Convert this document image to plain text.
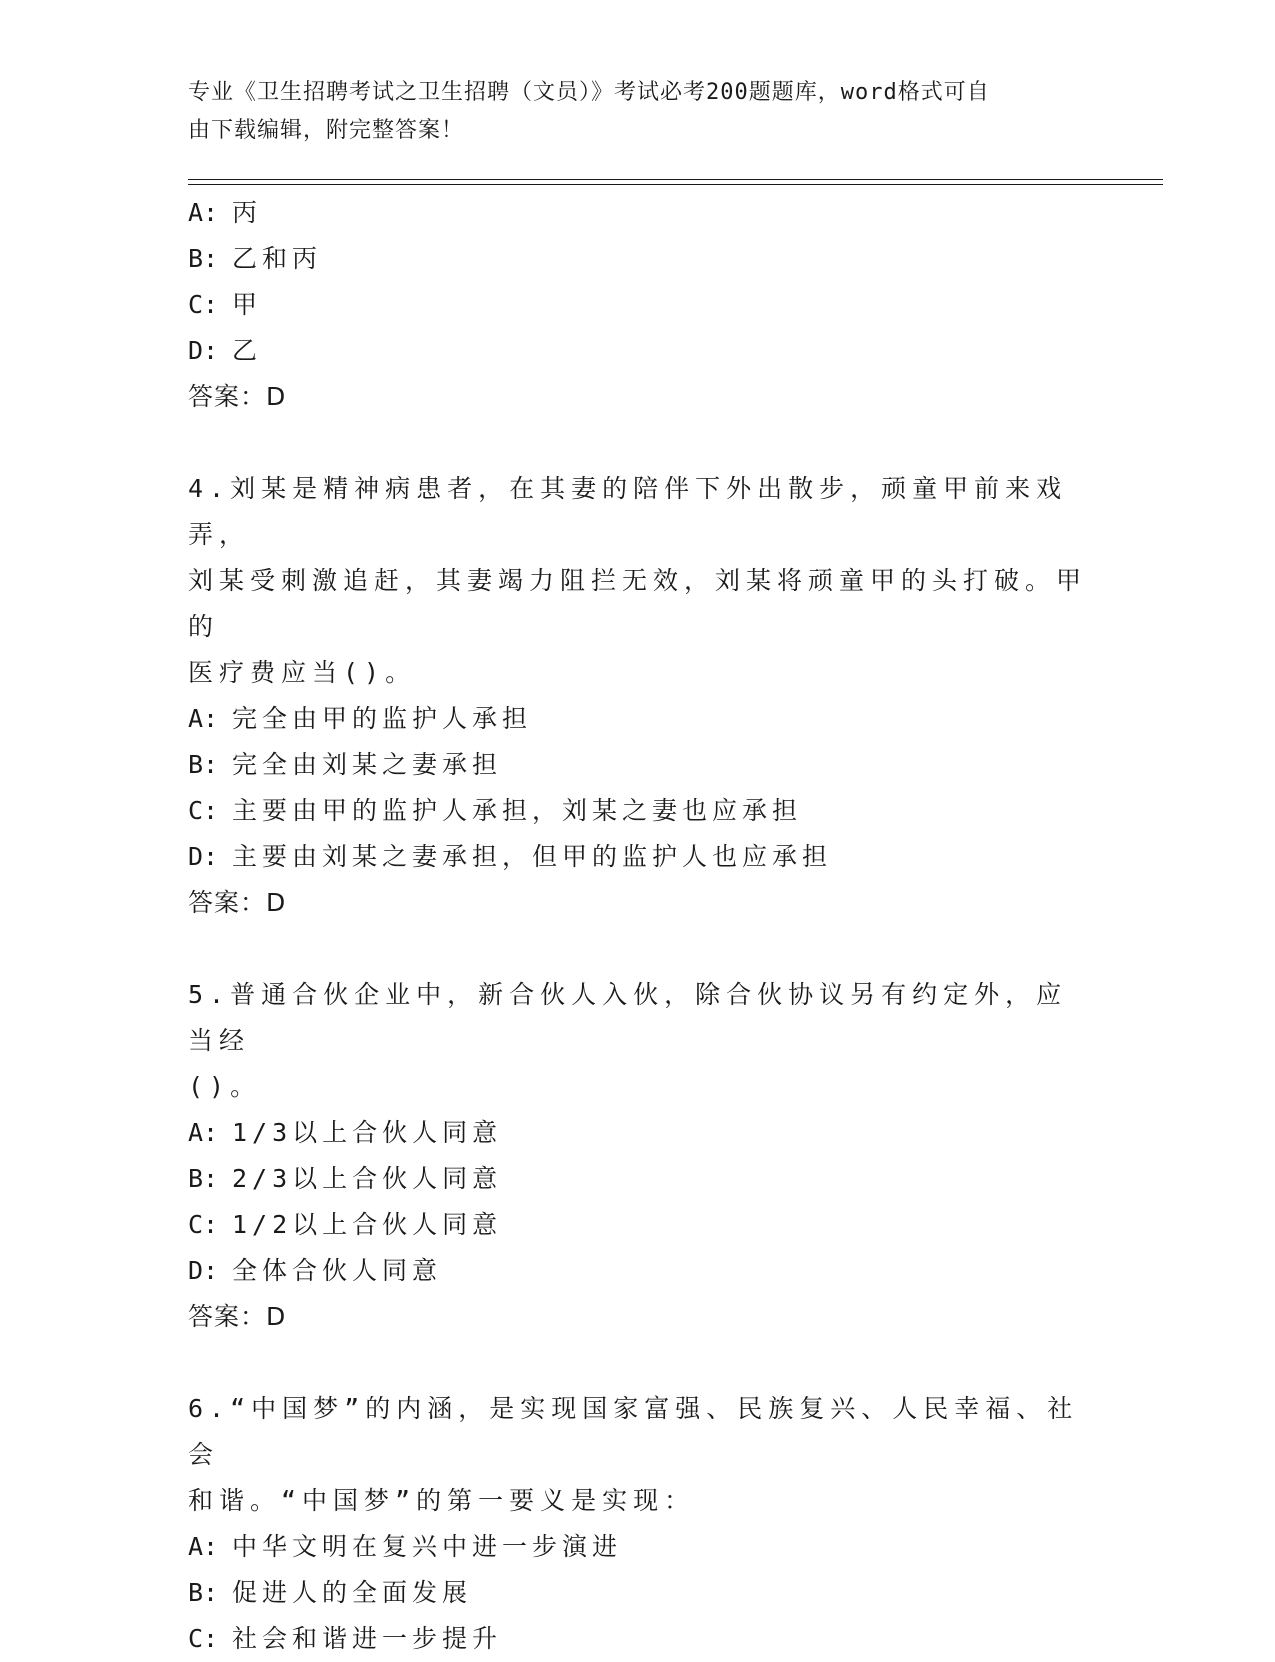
专业《卫生招聘考试之卫生招聘（文员）》考试必考200题题库，word格式可自
由下载编辑，附完整答案！
A: 丙
B: 乙和丙
C: 甲
D: 乙
答案：D
4.刘某是精神病患者，在其妻的陪伴下外出散步，顽童甲前来戏弄，
刘某受刺激追赶，其妻竭力阻拦无效，刘某将顽童甲的头打破。甲的
医疗费应当()。
A: 完全由甲的监护人承担
B: 完全由刘某之妻承担
C: 主要由甲的监护人承担，刘某之妻也应承担
D: 主要由刘某之妻承担，但甲的监护人也应承担
答案：D
5.普通合伙企业中，新合伙人入伙，除合伙协议另有约定外，应当经
()。
A: 1/3以上合伙人同意
B: 2/3以上合伙人同意
C: 1/2以上合伙人同意
D: 全体合伙人同意
答案：D
6.“中国梦”的内涵，是实现国家富强、民族复兴、人民幸福、社会
和谐。“中国梦”的第一要义是实现：
A: 中华文明在复兴中进一步演进
B: 促进人的全面发展
C: 社会和谐进一步提升
